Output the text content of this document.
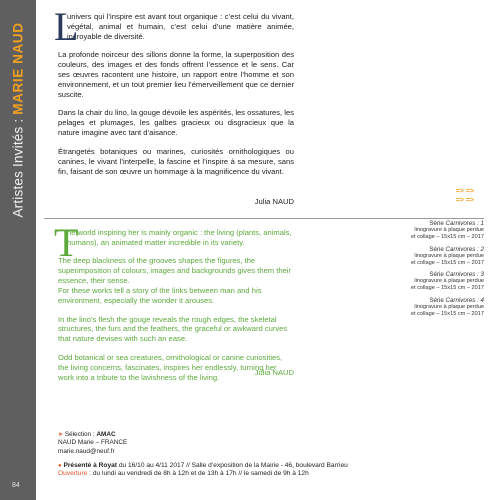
Artistes Invités : MARIE NAUD
84

L
univers qui l’inspire est avant tout organique : c’est celui du vivant, végétal, animal et humain, c’est celui d’une matière animée, incroyable de diversité.

La profonde noirceur des sillons donne la forme, la superposition des couleurs, des images et des fonds offrent l’essence et le sens. Car ses œuvres racontent une histoire, un rapport entre l’homme et son environnement, et un tout premier lieu l’émerveillement que ce dernier suscite.

Dans la chair du lino, la gouge dévoile les aspérités, les ossatures, les pelages et plumages, les galbes gracieux ou disgracieux que la nature imagine avec tant d’aisance.

Étrangetés botaniques ou marines, curiosités ornithologiques ou canines, le vivant l’interpelle, la fascine et l’inspire à sa mesure, sans fin, faisant de son œuvre un hommage à la magnificence du vivant.

Julia NAUD
=> =>
=> =>

T
he world inspiring her is mainly organic : the living (plants, animals, humans), an animated matter incredible in its variety.

The deep blackness of the grooves shapes the figures, the superimposition of colours, images and backgrounds gives them their essence, their sense.
For these works tell a story of the links between man and his environment, especially the wonder it arouses.

In the lino’s flesh the gouge reveals the rough edges, the skeletal structures, the furs and the feathers, the graceful or awkward curves that nature devises with such an ease.

Odd botanical or sea creatures, ornithological or canine curiosities, the living concerns, fascinates, inspires her endlessly, turning her work into a tribute to the lavishness of the living.

Julia NAUD
Série Carnivores : 1
linogravure à plaque perdue
et collage – 15x15 cm – 2017
Série Carnivores : 2
linogravure à plaque perdue
et collage – 15x15 cm – 2017
Série Carnivores : 3
linogravure à plaque perdue
et collage – 15x15 cm – 2017
Série Carnivores : 4
linogravure à plaque perdue
et collage – 15x15 cm – 2017
➤ Sélection : AMAC
NAUD Marie – FRANCE
marie.naud@neuf.fr
● Présenté à Royat du 16/10 au 4/11 2017 // Salle d’exposition de la Mairie - 46, boulevard Barrieu
Ouverture : du lundi au vendredi de 8h à 12h et de 13h à 17h // le samedi de 9h à 12h
